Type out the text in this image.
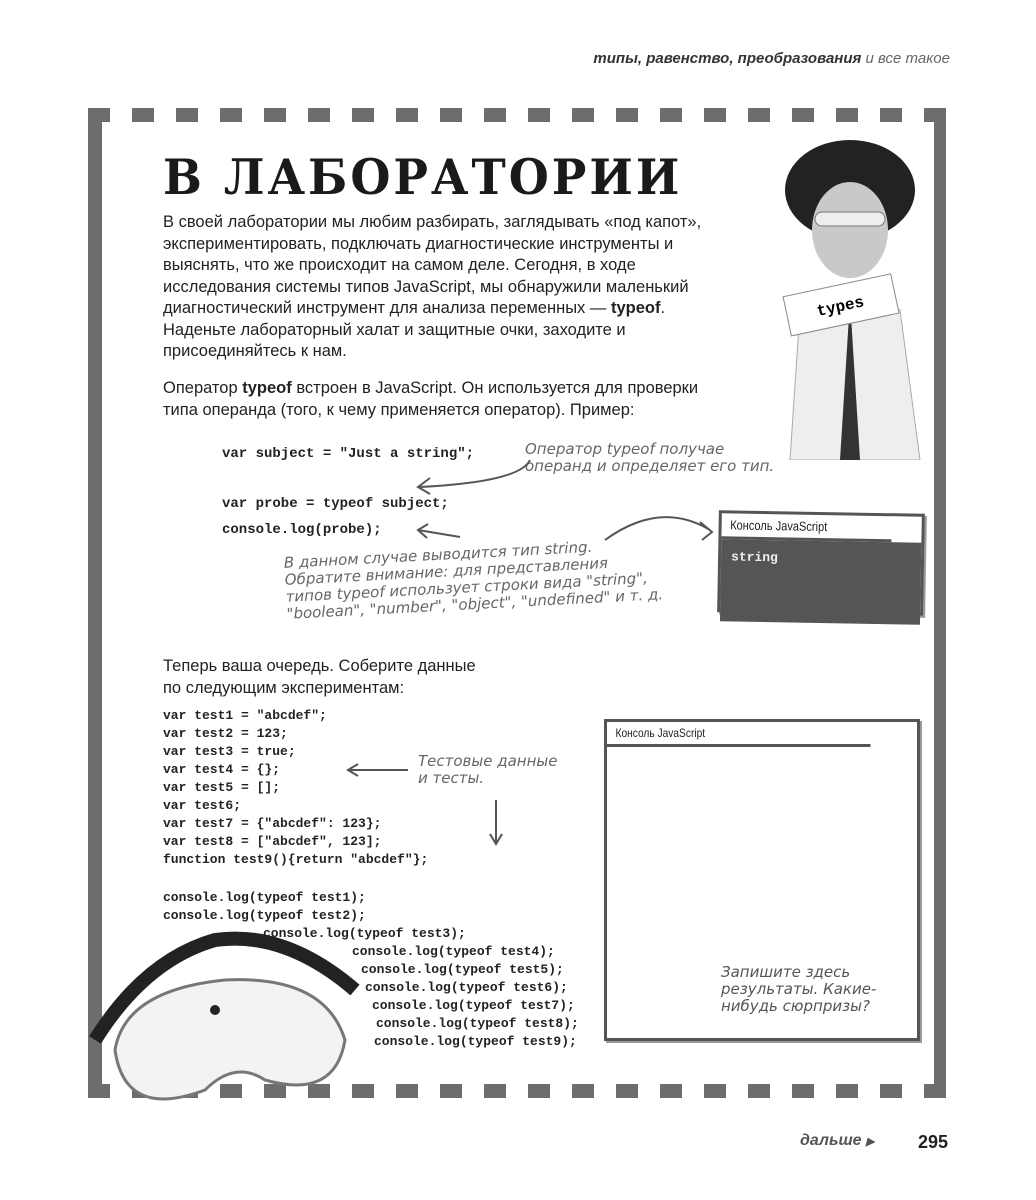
типы, равенство, преобразования и все такое
В ЛАБОРАТОРИИ
В своей лаборатории мы любим разбирать, заглядывать «под капот», экспериментировать, подключать диагностические инструменты и выяснять, что же происходит на самом деле. Сегодня, в ходе исследования системы типов JavaScript, мы обнаружили маленький диагностический инструмент для анализа переменных — typeof. Наденьте лабораторный халат и защитные очки, заходите и присоединяйтесь к нам.
Оператор typeof встроен в JavaScript. Он используется для проверки типа операнда (того, к чему применяется оператор). Пример:
types
var subject = "Just a string";
var probe = typeof subject;
console.log(probe);
Оператор typeof получае
операнд и определяет его тип.
В данном случае выводится тип string.
Обратите внимание: для представления
типов typeof использует строки вида "string",
"boolean", "number", "object", "undefined" и т. д.
Консоль JavaScript
string
Теперь ваша очередь. Соберите данные
по следующим экспериментам:
var test1 = "abcdef";
var test2 = 123;
var test3 = true;
var test4 = {};
var test5 = [];
var test6;
var test7 = {"abcdef": 123};
var test8 = ["abcdef", 123];
function test9(){return "abcdef"};
console.log(typeof test1);
console.log(typeof test2);
console.log(typeof test3);
console.log(typeof test4);
console.log(typeof test5);
console.log(typeof test6);
console.log(typeof test7);
console.log(typeof test8);
console.log(typeof test9);
Тестовые данные
и тесты.
Консоль JavaScript
Запишите здесь
результаты. Какие-
нибудь сюрпризы?
дальше ▶ 295
